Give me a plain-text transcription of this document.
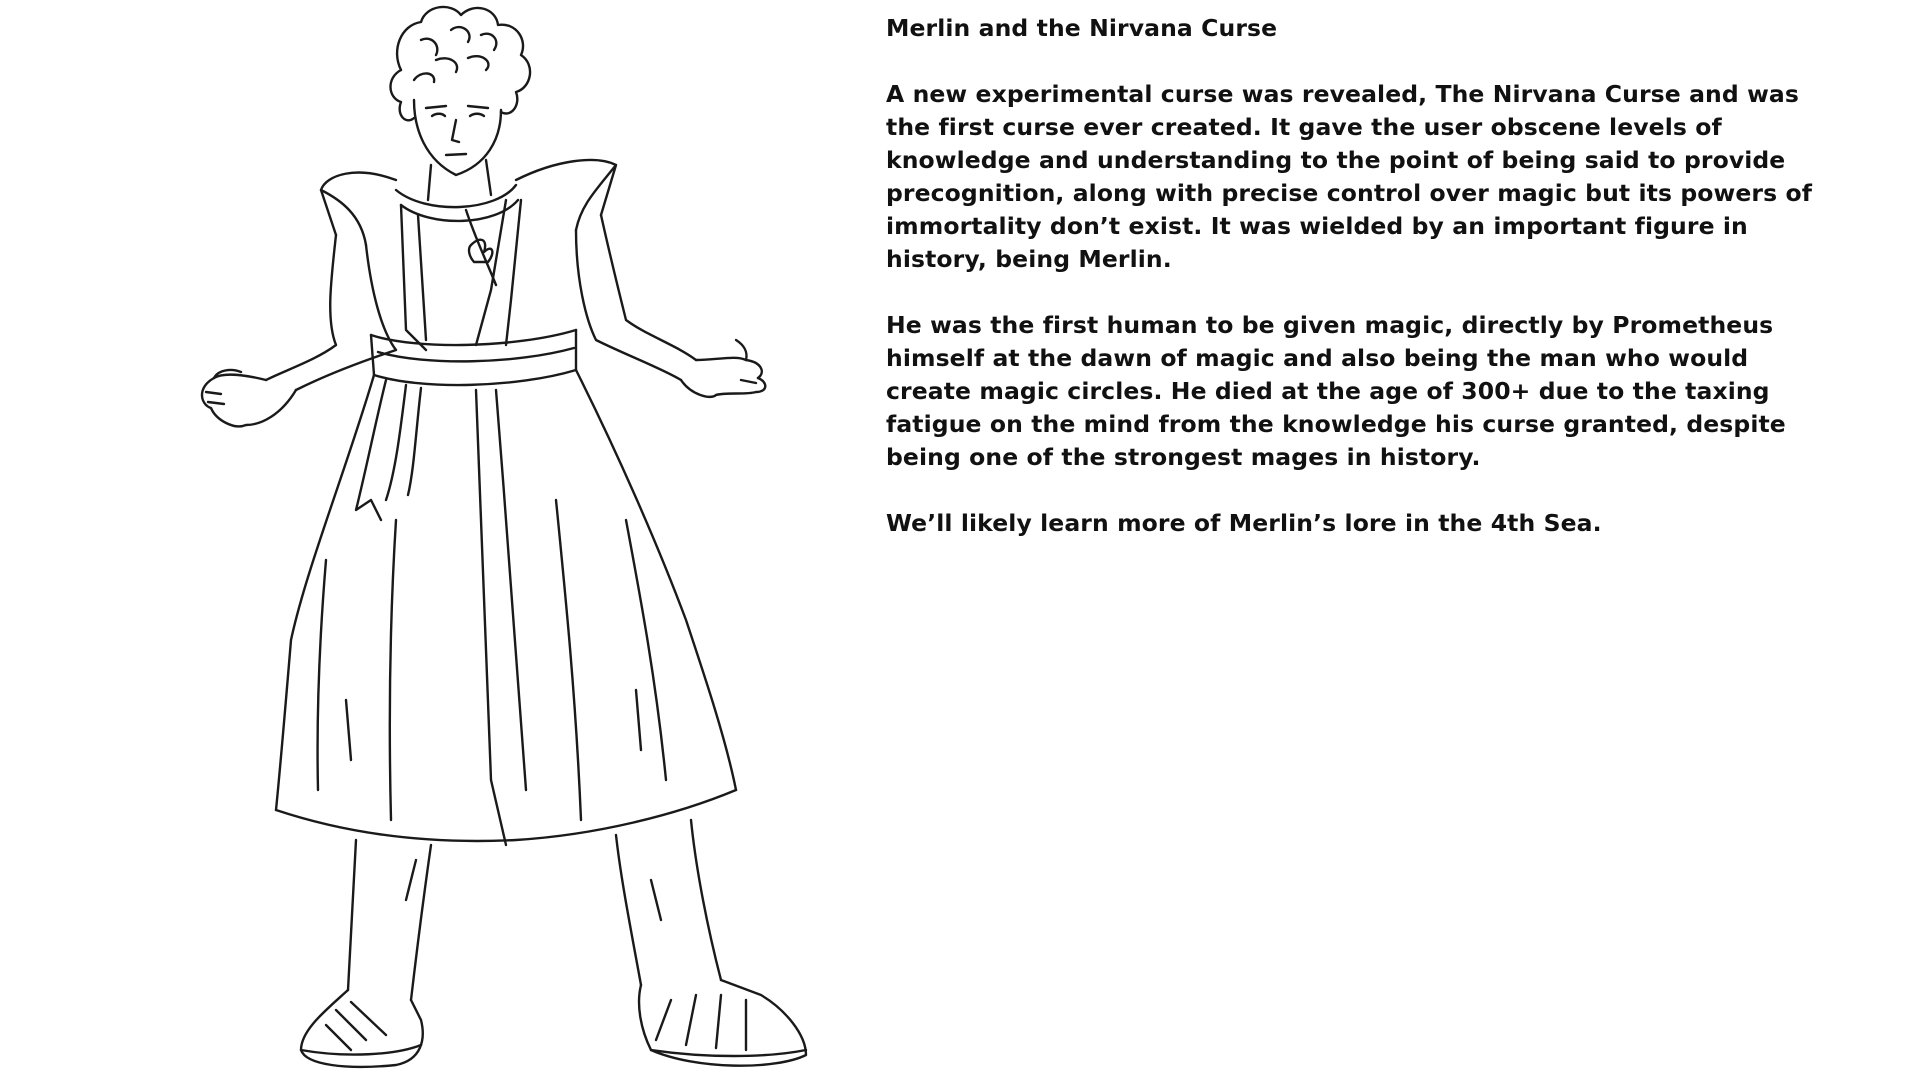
Merlin and the Nirvana Curse

A new experimental curse was revealed, The Nirvana Curse and was
the first curse ever created. It gave the user obscene levels of
knowledge and understanding to the point of being said to provide
precognition, along with precise control over magic but its powers of
immortality don’t exist. It was wielded by an important figure in
history, being Merlin.

He was the first human to be given magic, directly by Prometheus
himself at the dawn of magic and also being the man who would
create magic circles. He died at the age of 300+ due to the taxing
fatigue on the mind from the knowledge his curse granted, despite
being one of the strongest mages in history.

We’ll likely learn more of Merlin’s lore in the 4th Sea.
